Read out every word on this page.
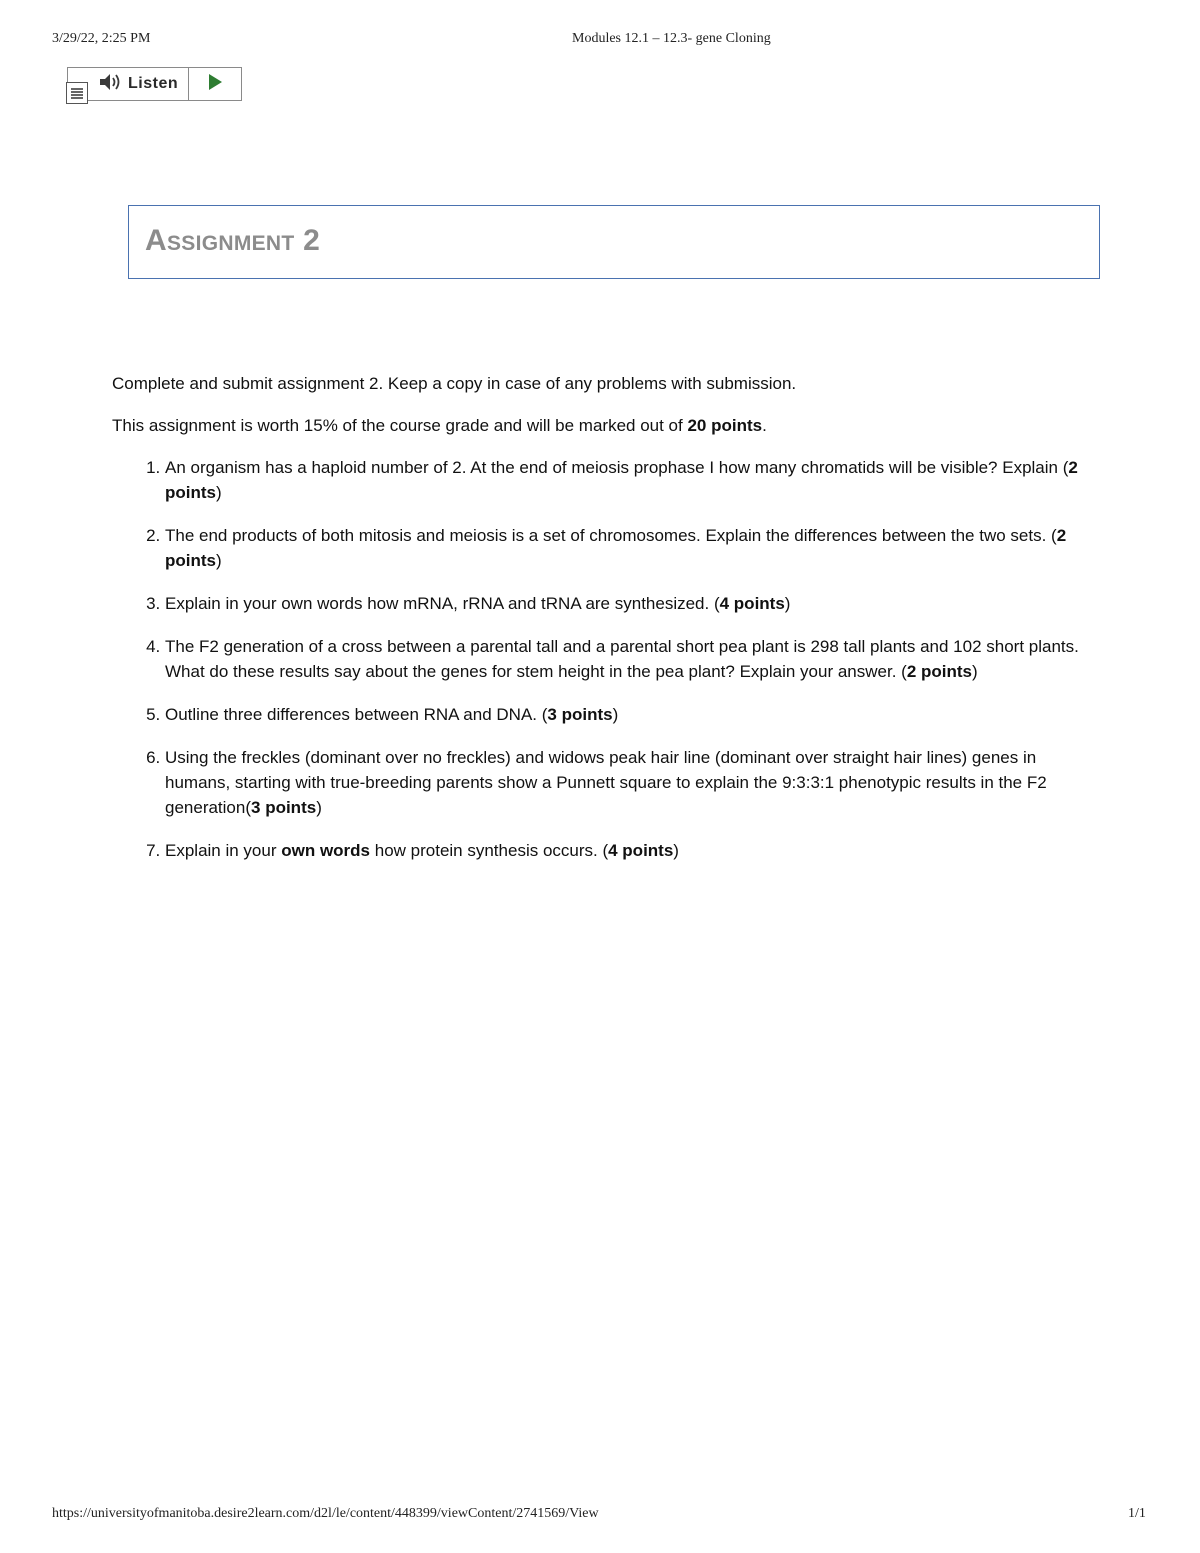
3/29/22, 2:25 PM	Modules 12.1 – 12.3- gene Cloning
Listen
Assignment 2

Complete and submit assignment 2. Keep a copy in case of any problems with submission.

This assignment is worth 15% of the course grade and will be marked out of 20 points.

1. An organism has a haploid number of 2. At the end of meiosis prophase I how many chromatids will be visible? Explain (2 points)
2. The end products of both mitosis and meiosis is a set of chromosomes. Explain the differences between the two sets. (2 points)
3. Explain in your own words how mRNA, rRNA and tRNA are synthesized. (4 points)
4. The F2 generation of a cross between a parental tall and a parental short pea plant is 298 tall plants and 102 short plants. What do these results say about the genes for stem height in the pea plant? Explain your answer. (2 points)
5. Outline three differences between RNA and DNA. (3 points)
6. Using the freckles (dominant over no freckles) and widows peak hair line (dominant over straight hair lines) genes in humans, starting with true-breeding parents show a Punnett square to explain the 9:3:3:1 phenotypic results in the F2 generation(3 points)
7. Explain in your own words how protein synthesis occurs. (4 points)
https://universityofmanitoba.desire2learn.com/d2l/le/content/448399/viewContent/2741569/View	1/1
